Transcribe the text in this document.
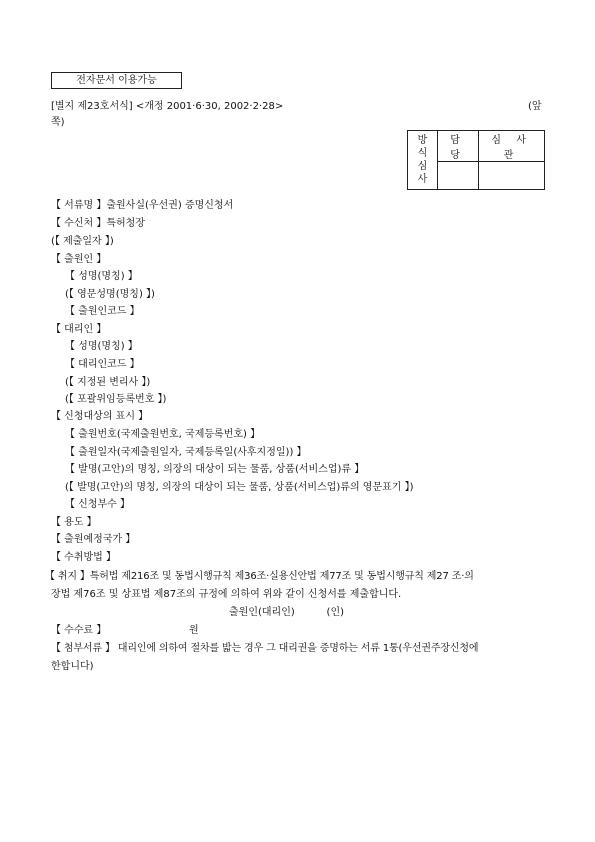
전자문서 이용가능
[별지 제23호서식] <개정 2001·6·30, 2002·2·28>	(앞
쪽)
방
식
심
사	담 당	심 사 관

【 서류명 】출원사실(우선권) 증명신청서
【 수신처 】특허청장
(【 제출일자 】)
【 출원인 】
【 성명(명칭) 】
(【 영문성명(명칭) 】)
【 출원인코드 】
【 대리인 】
【 성명(명칭) 】
【 대리인코드 】
(【 지정된 변리사 】)
(【 포괄위임등록번호 】)
【 신청대상의 표시 】
【 출원번호(국제출원번호, 국제등록번호) 】
【 출원일자(국제출원일자, 국제등록일(사후지정일)) 】
【 발명(고안)의 명칭, 의장의 대상이 되는 물품, 상품(서비스업)류 】
(【 발명(고안)의 명칭, 의장의 대상이 되는 물품, 상품(서비스업)류의 영문표기 】)
【 신청부수 】
【 용도 】
【 출원예정국가 】
【 수취방법 】
【 취지 】특허법 제216조 및 동법시행규칙 제36조·실용신안법 제77조 및 동법시행규칙 제27 조·의
장법 제76조 및 상표법 제87조의 규정에 의하여 위와 같이 신청서를 제출합니다.
출원인(대리인)          (인)
【 수수료 】                          원
【 첨부서류 】 대리인에 의하여 절차를 밟는 경우 그 대리권을 증명하는 서류 1통(우선권주장신청에
한합니다)
